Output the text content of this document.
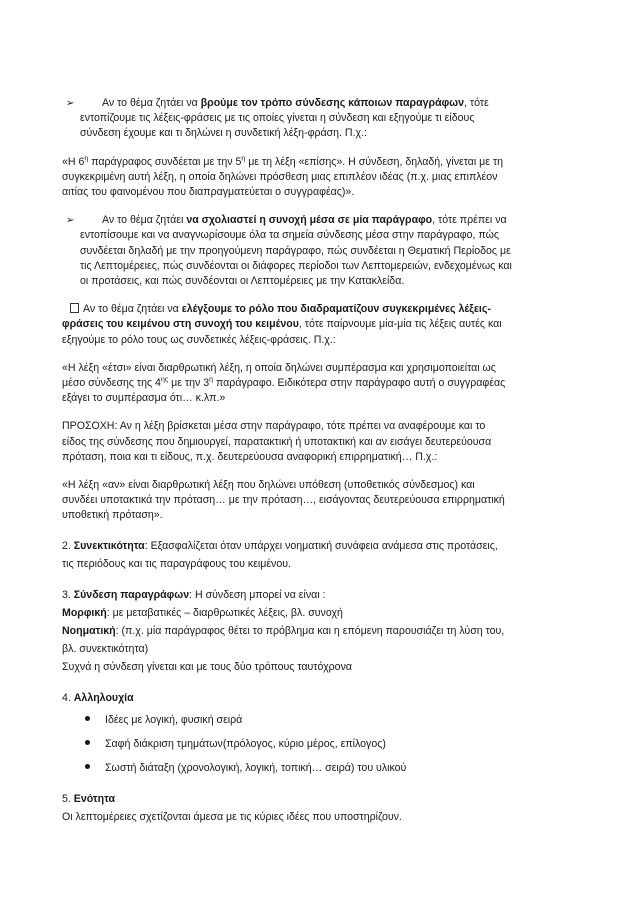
➢	Αν το θέμα ζητάει να βρούμε τον τρόπο σύνδεσης κάποιων παραγράφων, τότε

εντοπίζουμε τις λέξεις-φράσεις με τις οποίες γίνεται η σύνδεση και εξηγούμε τι είδους

σύνδεση έχουμε και τι δηλώνει η συνδετική λέξη-φράση. Π.χ.:

«Η $6^\eta$ παράγραφος συνδέεται με την $5^\eta$ με τη λέξη «επίσης». Η σύνδεση, δηλαδή, γίνεται με τη

συγκεκριμένη αυτή λέξη, η οποία δηλώνει πρόσθεση μιας επιπλέον ιδέας (π.χ. μιας επιπλέον

αιτίας του φαινομένου που διαπραγματεύεται ο συγγραφέας)».

➢	Αν το θέμα ζητάει να σχολιαστεί η συνοχή μέσα σε μία παράγραφο, τότε πρέπει να

εντοπίσουμε και να αναγνωρίσουμε όλα τα σημεία σύνδεσης μέσα στην παράγραφο, πώς

συνδέεται δηλαδή με την προηγούμενη παράγραφο, πώς συνδέεται η Θεματική Περίοδος με

τις Λεπτομέρειες, πώς συνδέονται οι διάφορες περίοδοι των Λεπτομερειών, ενδεχομένως και

οι προτάσεις, και πώς συνδέονται οι Λεπτομέρειες με την Κατακλείδα.

Αν το θέμα ζητάει να ελέγξουμε το ρόλο που διαδραματίζουν συγκεκριμένες λέξεις-

φράσεις του κειμένου στη συνοχή του κειμένου, τότε παίρνουμε μία-μία τις λέξεις αυτές και

εξηγούμε το ρόλο τους ως συνδετικές λέξεις-φράσεις. Π.χ.:

«Η λέξη «έτσι» είναι διαρθρωτική λέξη, η οποία δηλώνει συμπέρασμα και χρησιμοποιείται ως

μέσο σύνδεσης της $4^{\eta\varsigma}$ με την $3^\eta$ παράγραφο. Ειδικότερα στην παράγραφο αυτή ο συγγραφέας

εξάγει το συμπέρασμα ότι… κ.λπ.»

ΠΡΟΣΟΧΗ: Αν η λέξη βρίσκεται μέσα στην παράγραφο, τότε πρέπει να αναφέρουμε και το

είδος της σύνδεσης που δημιουργεί, παρατακτική ή υποτακτική και αν εισάγει δευτερεύουσα

πρόταση, ποια και τι είδους, π.χ. δευτερεύουσα αναφορική επιρρηματική… Π.χ.:

«Η λέξη «αν» είναι διαρθρωτική λέξη που δηλώνει υπόθεση (υποθετικός σύνδεσμος) και

συνδέει υποτακτικά την πρόταση… με την πρόταση…, εισάγοντας δευτερεύουσα επιρρηματική

υποθετική πρόταση».

2. Συνεκτικότητα: Εξασφαλίζεται όταν υπάρχει νοηματική συνάφεια ανάμεσα στις προτάσεις,

τις περιόδους και τις παραγράφους του κειμένου.

3. Σύνδεση παραγράφων: Η σύνδεση μπορεί να είναι :

Μορφική: με μεταβατικές – διαρθρωτικές λέξεις, βλ. συνοχή

Νοηματική: (π.χ. μία παράγραφος θέτει το πρόβλημα και η επόμενη παρουσιάζει τη λύση του,

βλ. συνεκτικότητα)

Συχνά η σύνδεση γίνεται και με τους δύο τρόπους ταυτόχρονα

4. Αλληλουχία

Ιδέες με λογική, φυσική σειρά
Σαφή διάκριση τμημάτων(πρόλογος, κύριο μέρος, επίλογος)
Σωστή διάταξη (χρονολογική, λογική, τοπική… σειρά) του υλικού

5. Ενότητα

Οι λεπτομέρειες σχετίζονται άμεσα με τις κύριες ιδέες που υποστηρίζουν.
